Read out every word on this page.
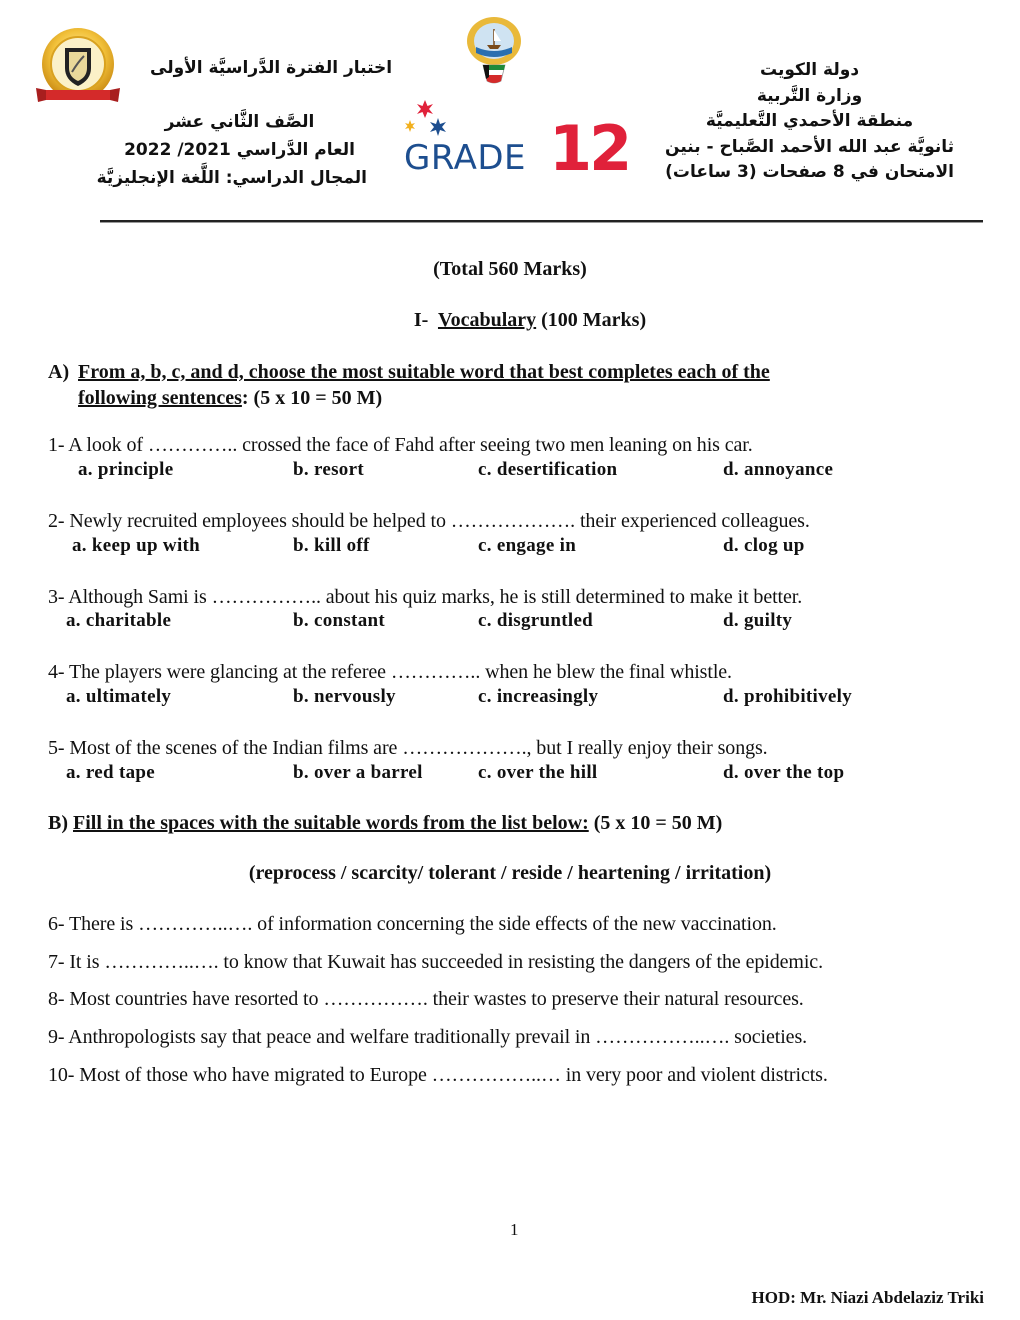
GRADE 12
اختبار الفترة الدَّراسيَّة الأولى
الصَّف الثَّاني عشر
العام الدَّراسي 2021/ 2022
المجال الدراسي: اللَّغة الإنجليزيَّة
دولة الكويت
وزارة التَّربية
منطقة الأحمدي التَّعليميَّة
ثانويَّة عبد الله الأحمد الصَّباح - بنين
الامتحان في 8 صفحات (3 ساعات)
(Total 560 Marks)
I- Vocabulary (100 Marks)
A) From a, b, c, and d, choose the most suitable word that best completes each of the
following sentences: (5 x 10 = 50 M)
1- A look of ………….. crossed the face of Fahd after seeing two men leaning on his car.
a. principle	b. resort	c. desertification	d. annoyance
2- Newly recruited employees should be helped to ………………. their experienced colleagues.
a. keep up with	b. kill off	c. engage in	d. clog up
3- Although Sami is …………….. about his quiz marks, he is still determined to make it better.
a. charitable	b. constant	c. disgruntled	d. guilty
4- The players were glancing at the referee ………….. when he blew the final whistle.
a. ultimately	b. nervously	c. increasingly	d. prohibitively
5- Most of the scenes of the Indian films are ………………., but I really enjoy their songs.
a. red tape	b. over a barrel	c. over the hill	d. over the top
B) Fill in the spaces with the suitable words from the list below: (5 x 10 = 50 M)
(reprocess / scarcity/ tolerant / reside / heartening / irritation)
6- There is …………..…. of information concerning the side effects of the new vaccination.
7- It is …………..…. to know that Kuwait has succeeded in resisting the dangers of the epidemic.
8- Most countries have resorted to ……………. their wastes to preserve their natural resources.
9- Anthropologists say that peace and welfare traditionally prevail in ……………..…. societies.
10- Most of those who have migrated to Europe ……………..… in very poor and violent districts.
1
HOD: Mr. Niazi Abdelaziz Triki
